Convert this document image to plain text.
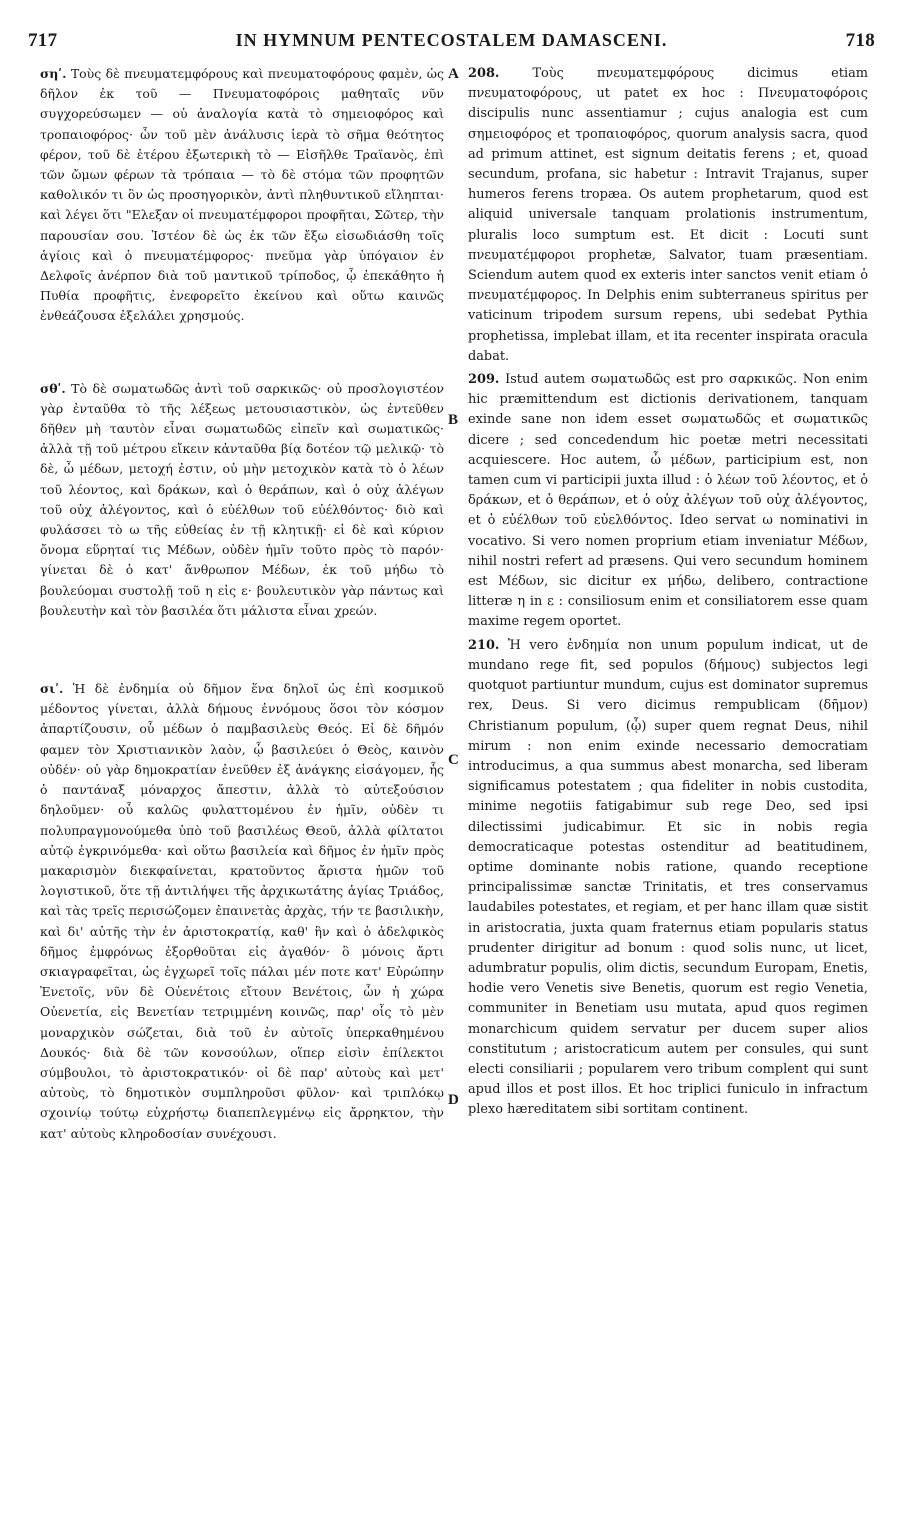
717	IN HYMNUM PENTECOSTALEM DAMASCENI.	718

σηʹ. Τοὺς δὲ πνευματεμφόρους καὶ πνευματοφόρους φαμὲν, ὡς δῆλον ἐκ τοῦ — Πνευματοφόροις μαθηταῖς νῦν συγχορεύσωμεν — οὐ ἀναλογία κατὰ τὸ σημειοφόρος καὶ τροπαιοφόρος· ὧν τοῦ μὲν ἀνάλυσις ἱερὰ τὸ σῆμα θεότητος φέρον, τοῦ δὲ ἑτέρου ἐξωτερικὴ τὸ — Εἰσῆλθε Τραϊανὸς, ἐπὶ τῶν ὤμων φέρων τὰ τρόπαια — τὸ δὲ στόμα τῶν προφητῶν καθολικόν τι ὂν ὡς προσηγορικὸν, ἀντὶ πληθυντικοῦ εἴληπται· καὶ λέγει ὅτι "Ελεξαν οἱ πνευματέμφοροι προφῆται, Σῶτερ, τὴν παρουσίαν σου. Ἰστέον δὲ ὡς ἐκ τῶν ἔξω εἰσωδιάσθη τοῖς ἁγίοις καὶ ὁ πνευματέμφορος· πνεῦμα γὰρ ὑπόγαιον ἐν Δελφοῖς ἀνέρπον διὰ τοῦ μαντικοῦ τρίποδος, ᾧ ἐπεκάθητο ἡ Πυθία προφῆτις, ἐνεφορεῖτο ἐκείνου καὶ οὕτω καινῶς ἐνθεάζουσα ἐξελάλει χρησμούς.

σθʹ. Τὸ δὲ σωματωδῶς ἀντὶ τοῦ σαρκικῶς· οὐ προσλογιστέον γὰρ ἐνταῦθα τὸ τῆς λέξεως μετουσιαστικὸν, ὡς ἐντεῦθεν δῆθεν μὴ ταυτὸν εἶναι σωματωδῶς εἰπεῖν καὶ σωματικῶς· ἀλλὰ τῇ τοῦ μέτρου εἴκειν κἀνταῦθα βίᾳ δοτέον τῷ μελικῷ· τὸ δὲ, ὦ μέδων, μετοχή ἐστιν, οὐ μὴν μετοχικὸν κατὰ τὸ ὁ λέων τοῦ λέοντος, καὶ δράκων, καὶ ὁ θεράπων, καὶ ὁ οὐχ ἀλέγων τοῦ οὐχ ἀλέγοντος, καὶ ὁ εὐέλθων τοῦ εὐέλθόντος· διὸ καὶ φυλάσσει τὸ ω τῆς εὐθείας ἐν τῇ κλητικῇ· εἰ δὲ καὶ κύριον ὄνομα εὕρηταί τις Μέδων, οὐδὲν ἡμῖν τοῦτο πρὸς τὸ παρόν· γίνεται δὲ ὁ κατ' ἄνθρωπον Μέδων, ἐκ τοῦ μήδω τὸ βουλεύομαι συστολῇ τοῦ η εἰς ε· βουλευτικὸν γὰρ πάντως καὶ βουλευτὴν καὶ τὸν βασιλέα ὅτι μάλιστα εἶναι χρεών.

σιʹ. Ἡ δὲ ἐνδημία οὐ δῆμον ἕνα δηλοῖ ὡς ἐπὶ κοσμικοῦ μέδοντος γίνεται, ἀλλὰ δήμους ἐννόμους ὅσοι τὸν κόσμον ἀπαρτίζουσιν, οὗ μέδων ὁ παμβασιλεὺς Θεός. Εἰ δὲ δῆμόν φαμεν τὸν Χριστιανικὸν λαὸν, ᾧ βασιλεύει ὁ Θεὸς, καινὸν οὐδέν· οὐ γὰρ δημοκρατίαν ἐνεῦθεν ἐξ ἀνάγκης εἰσάγομεν, ἧς ὁ παντάναξ μόναρχος ἄπεστιν, ἀλλὰ τὸ αὐτεξούσιον δηλοῦμεν· οὗ καλῶς φυλαττομένου ἐν ἡμῖν, οὐδὲν τι πολυπραγμονούμεθα ὑπὸ τοῦ βασιλέως Θεοῦ, ἀλλὰ φίλτατοι αὐτῷ ἐγκρινόμεθα· καὶ οὕτω βασιλεία καὶ δῆμος ἐν ἡμῖν πρὸς μακαρισμὸν διεκφαίνεται, κρατοῦντος ἄριστα ἡμῶν τοῦ λογιστικοῦ, ὅτε τῇ ἀντιλήψει τῆς ἀρχικωτάτης ἁγίας Τριάδος, καὶ τὰς τρεῖς περισώζομεν ἐπαινετὰς ἀρχὰς, τήν τε βασιλικὴν, καὶ δι' αὐτῆς τὴν ἐν ἀριστοκρατίᾳ, καθ' ἣν καὶ ὁ ἀδελφικὸς δῆμος ἐμφρόνως ἐξορθοῦται εἰς ἀγαθόν· ὃ μόνοις ἄρτι σκιαγραφεῖται, ὡς ἐγχωρεῖ τοῖς πάλαι μέν ποτε κατ' Εὐρώπην Ἐνετοῖς, νῦν δὲ Οὐενέτοις εἴτουν Βενέτοις, ὧν ἡ χώρα Οὐενετία, εἰς Βενετίαν τετριμμένη κοινῶς, παρ' οἷς τὸ μὲν μοναρχικὸν σώζεται, διὰ τοῦ ἐν αὐτοῖς ὑπερκαθημένου Δουκός· διὰ δὲ τῶν κονσούλων, οἵπερ εἰσὶν ἐπίλεκτοι σύμβουλοι, τὸ ἀριστοκρατικόν· οἱ δὲ παρ' αὐτοὺς καὶ μετ' αὐτοὺς, τὸ δημοτικὸν συμπληροῦσι φῦλον· καὶ τριπλόκῳ σχοινίῳ τούτῳ εὐχρήστῳ διαπεπλεγμένῳ εἰς ἄρρηκτον, τὴν κατ' αὐτοὺς κληροδοσίαν συνέχουσι.

A
B
C
D

208.	Τοὺς πνευματεμφόρους dicimus etiam πνευματοφόρους, ut patet ex hoc : Πνευματοφόροις discipulis nunc assentiamur ; cujus analogia est cum σημειοφόρος et τροπαιοφόρος, quorum analysis sacra, quod ad primum attinet, est signum deitatis ferens ; et, quoad secundum, profana, sic habetur : Intravit Trajanus, super humeros ferens tropæa. Os autem prophetarum, quod est aliquid universale tanquam prolationis instrumentum, pluralis loco sumptum est. Et dicit : Locuti sunt πνευματέμφοροι prophetæ, Salvator, tuam præsentiam. Sciendum autem quod ex exteris inter sanctos venit etiam ὁ πνευματέμφορος. In Delphis enim subterraneus spiritus per vaticinum tripodem sursum repens, ubi sedebat Pythia prophetissa, implebat illam, et ita recenter inspirata oracula dabat.

209. Istud autem σωματωδῶς est pro σαρκικῶς. Non enim hic præmittendum est dictionis derivationem, tanquam exinde sane non idem esset σωματωδῶς et σωματικῶς dicere ; sed concedendum hic poetæ metri necessitati acquiescere. Hoc autem, ὦ μέδων, participium est, non tamen cum vi participii juxta illud : ὁ λέων τοῦ λέοντος, et ὁ δράκων, et ὁ θεράπων, et ὁ οὐχ ἀλέγων τοῦ οὐχ ἀλέγοντος, et ὁ εὐέλθων τοῦ εὐελθόντος. Ideo servat ω nominativi in vocativo. Si vero nomen proprium etiam inveniatur Μέδων, nihil nostri refert ad præsens. Qui vero secundum hominem est Μέδων, sic dicitur ex μήδω, delibero, contractione litteræ η in ε : consiliosum enim et consiliatorem esse quam maxime regem oportet.

210. Ἡ vero ἐνδημία non unum populum indicat, ut de mundano rege fit, sed populos (δήμους) subjectos legi quotquot partiuntur mundum, cujus est dominator supremus rex, Deus. Si vero dicimus rempublicam (δῆμον) Christianum populum, (ᾧ) super quem regnat Deus, nihil mirum : non enim exinde necessario democratiam introducimus, a qua summus abest monarcha, sed liberam significamus potestatem ; qua fideliter in nobis custodita, minime negotiis fatigabimur sub rege Deo, sed ipsi dilectissimi judicabimur. Et sic in nobis regia democraticaque potestas ostenditur ad beatitudinem, optime dominante nobis ratione, quando receptione principalissimæ sanctæ Trinitatis, et tres conservamus laudabiles potestates, et regiam, et per hanc illam quæ sistit in aristocratia, juxta quam fraternus etiam popularis status prudenter dirigitur ad bonum : quod solis nunc, ut licet, adumbratur populis, olim dictis, secundum Europam, Enetis, hodie vero Venetis sive Benetis, quorum est regio Venetia, communiter in Benetiam usu mutata, apud quos regimen monarchicum quidem servatur per ducem super alios constitutum ; aristocraticum autem per consules, qui sunt electi consiliarii ; popularem vero tribum complent qui sunt apud illos et post illos. Et hoc triplici funiculo in infractum plexo hæreditatem sibi sortitam continent.
